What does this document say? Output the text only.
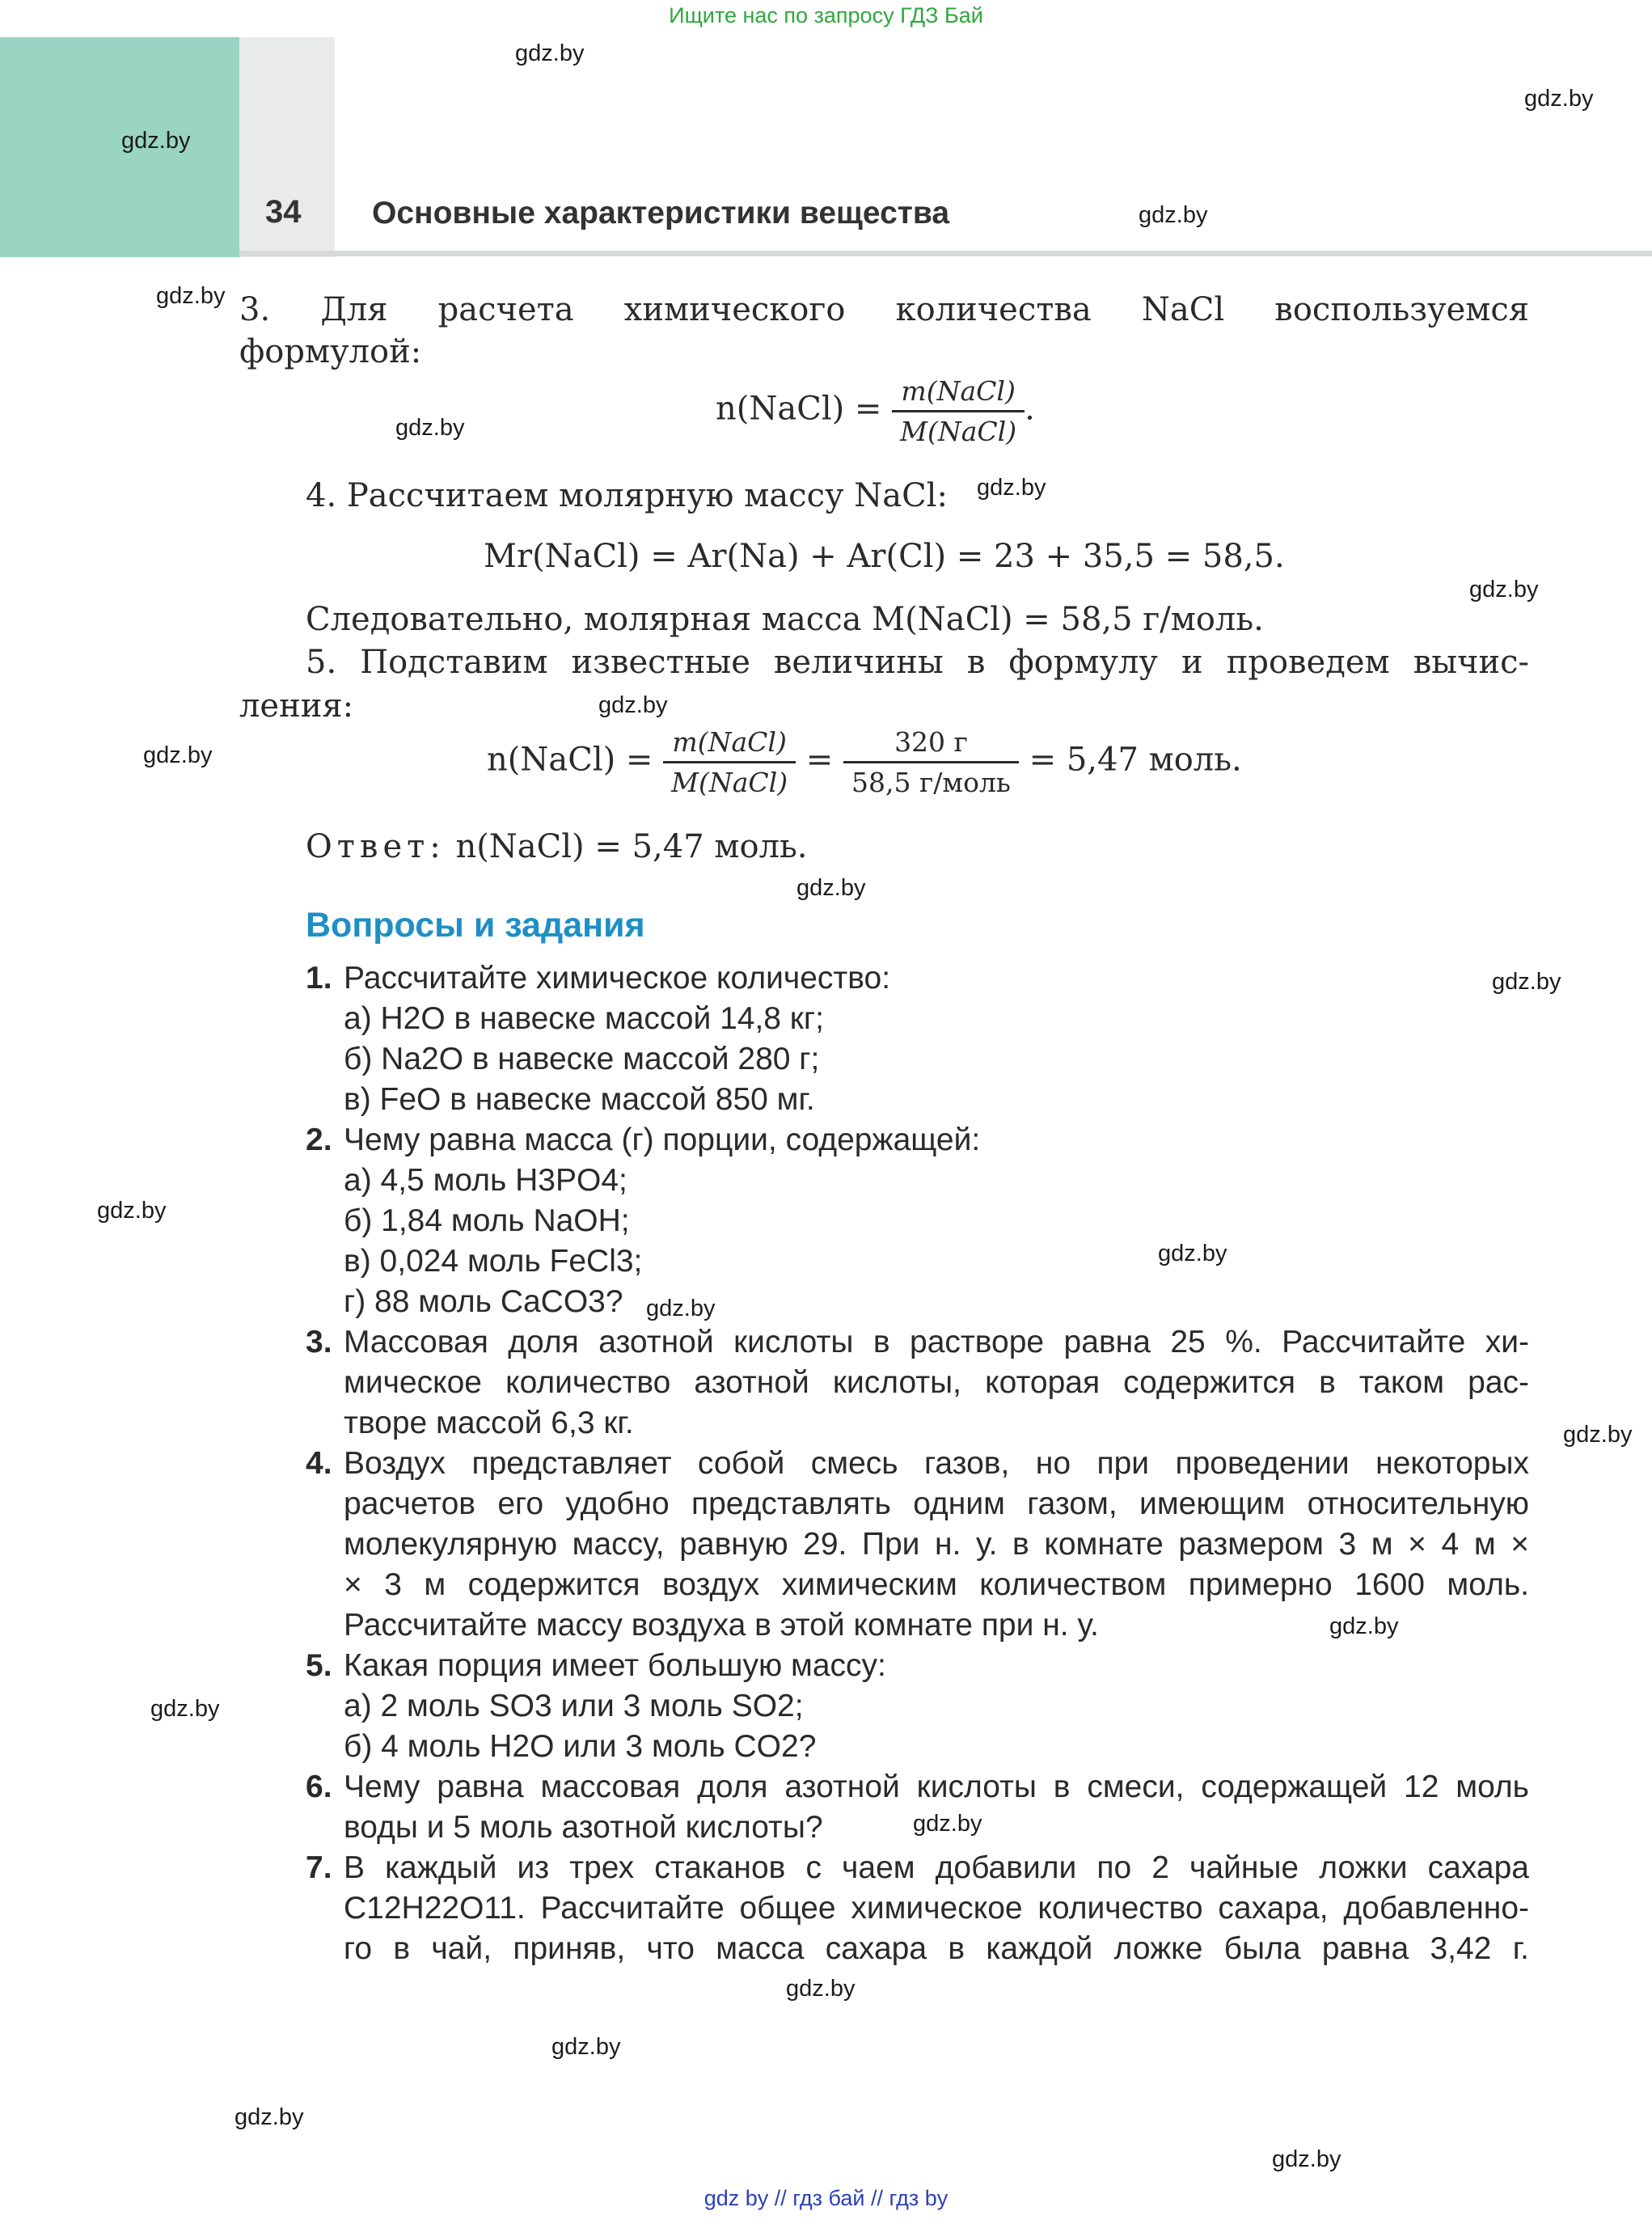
Ищите нас по запросу ГДЗ Бай
34 Основные характеристики вещества
gdz.by
gdz.by
gdz.by
gdz.by
gdz.by
gdz.by
gdz.by
gdz.by
gdz.by
gdz.by
gdz.by
gdz.by
gdz.by
gdz.by
gdz.by
gdz.by
gdz.by
gdz.by
gdz.by
gdz.by
gdz.by
gdz.by
gdz.by
3. Для расчета химического количества NaCl воспользуемся
формулой:
n(NaCl) = $\frac{\text{m(NaCl)}}{\text{M(NaCl)}}$ .
4. Рассчитаем молярную массу NaCl:
Mr(NaCl) = Ar(Na) + Ar(Cl) = 23 + 35,5 = 58,5.
Следовательно, молярная масса M(NaCl) = 58,5 г/моль.
5. Подставим известные величины в формулу и проведем вычис-
ления:
n(NaCl) = $\frac{\text{m(NaCl)}}{\text{M(NaCl)}} = \frac{320 г}{\text{58,5 г/моль}} = 5,47$ моль.
Ответ: n(NaCl) = 5,47 моль.
Вопросы и задания
1. Рассчитайте химическое количество:
а) H2O в навеске массой 14,8 кг;
б) Na2O в навеске массой 280 г;
в) FeO в навеске массой 850 мг.
2. Чему равна масса (г) порции, содержащей:
а) 4,5 моль H3PO4;
б) 1,84 моль NaOH;
в) 0,024 моль FeCl3;
г) 88 моль CaCO3?
3. Массовая доля азотной кислоты в растворе равна 25 %. Рассчитайте хи-
мическое количество азотной кислоты, которая содержится в таком рас-
творе массой 6,3 кг.
4. Воздух представляет собой смесь газов, но при проведении некоторых
расчетов его удобно представлять одним газом, имеющим относительную
молекулярную массу, равную 29. При н. у. в комнате размером 3 м × 4 м ×
× 3 м содержится воздух химическим количеством примерно 1600 моль.
Рассчитайте массу воздуха в этой комнате при н. у.
5. Какая порция имеет большую массу:
а) 2 моль SO3 или 3 моль SO2;
б) 4 моль H2O или 3 моль CO2?
6. Чему равна массовая доля азотной кислоты в смеси, содержащей 12 моль
воды и 5 моль азотной кислоты?
7. В каждый из трех стаканов с чаем добавили по 2 чайные ложки сахара
C12H22O11. Рассчитайте общее химическое количество сахара, добавленно-
го в чай, приняв, что масса сахара в каждой ложке была равна 3,42 г.
gdz by // гдз бай // гдз by
